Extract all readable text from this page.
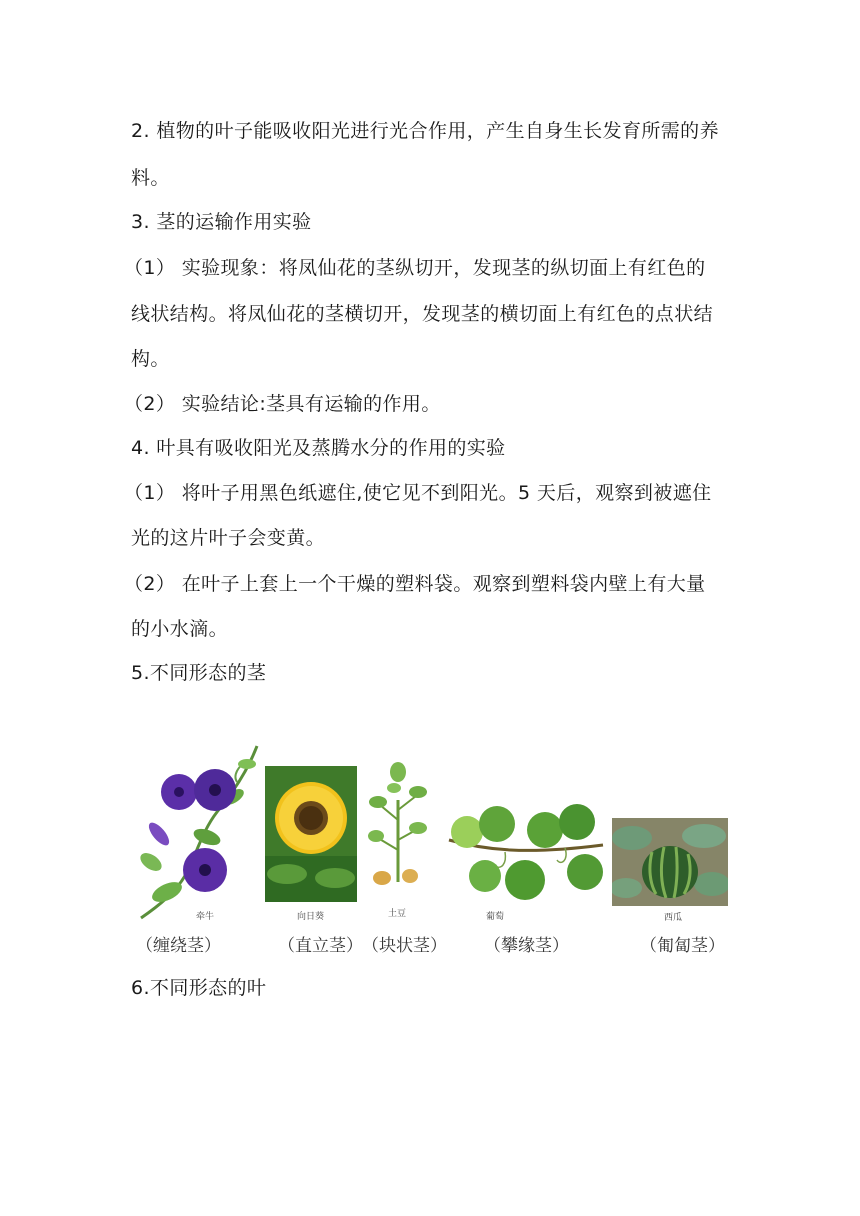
2. 植物的叶子能吸收阳光进行光合作用，产生自身生长发育所需的养
料。
3. 茎的运输作用实验
（1） 实验现象：将凤仙花的茎纵切开，发现茎的纵切面上有红色的
线状结构。将凤仙花的茎横切开，发现茎的横切面上有红色的点状结
构。
（2） 实验结论:茎具有运输的作用。
4. 叶具有吸收阳光及蒸腾水分的作用的实验
（1） 将叶子用黑色纸遮住,使它见不到阳光。5 天后，观察到被遮住
光的这片叶子会变黄。
（2） 在叶子上套上一个干燥的塑料袋。观察到塑料袋内壁上有大量
的小水滴。
5.不同形态的茎
6.不同形态的叶
牵牛	向日葵	土豆	葡萄	西瓜
（缠绕茎）	（直立茎） （块状茎） （攀缘茎）	（匍匐茎）
